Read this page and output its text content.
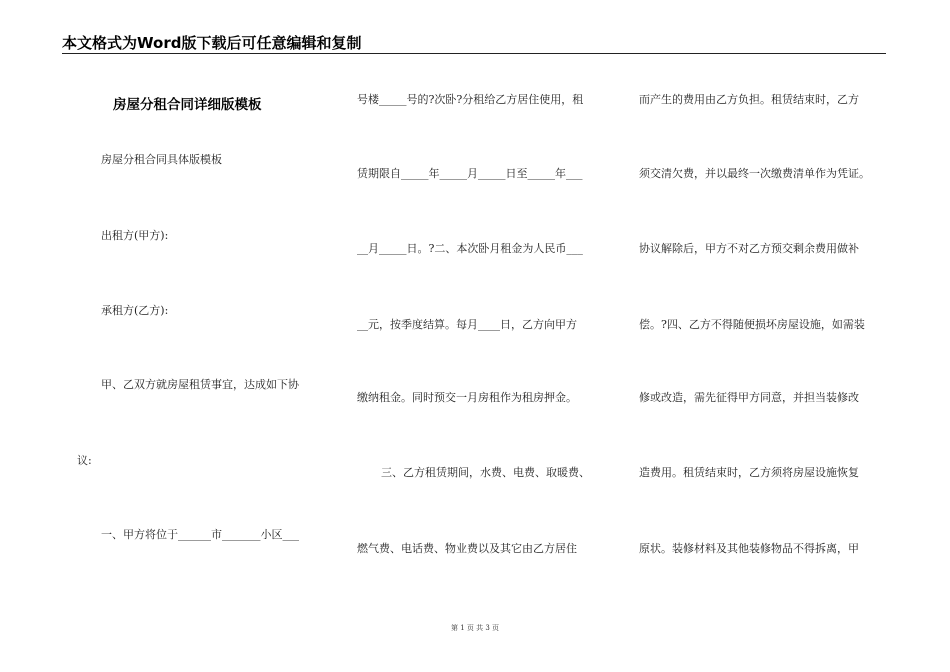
本文格式为Word版下载后可任意编辑和复制
房屋分租合同详细版模板
房屋分租合同具体版模板
出租方(甲方):
承租方(乙方):
甲、乙双方就房屋租赁事宜，达成如下协
议:
一、甲方将位于______市_______小区___
号楼_____号的?次卧?分租给乙方居住使用，租
赁期限自_____年_____月_____日至_____年___
__月_____日。?二、本次卧月租金为人民币___
__元，按季度结算。每月____日，乙方向甲方
缴纳租金。同时预交一月房租作为租房押金。
三、乙方租赁期间，水费、电费、取暖费、
燃气费、电话费、物业费以及其它由乙方居住
而产生的费用由乙方负担。租赁结束时，乙方
须交清欠费，并以最终一次缴费清单作为凭证。
协议解除后，甲方不对乙方预交剩余费用做补
偿。?四、乙方不得随便损坏房屋设施，如需装
修或改造，需先征得甲方同意，并担当装修改
造费用。租赁结束时，乙方须将房屋设施恢复
原状。装修材料及其他装修物品不得拆离，甲
第 1 页 共 3 页
